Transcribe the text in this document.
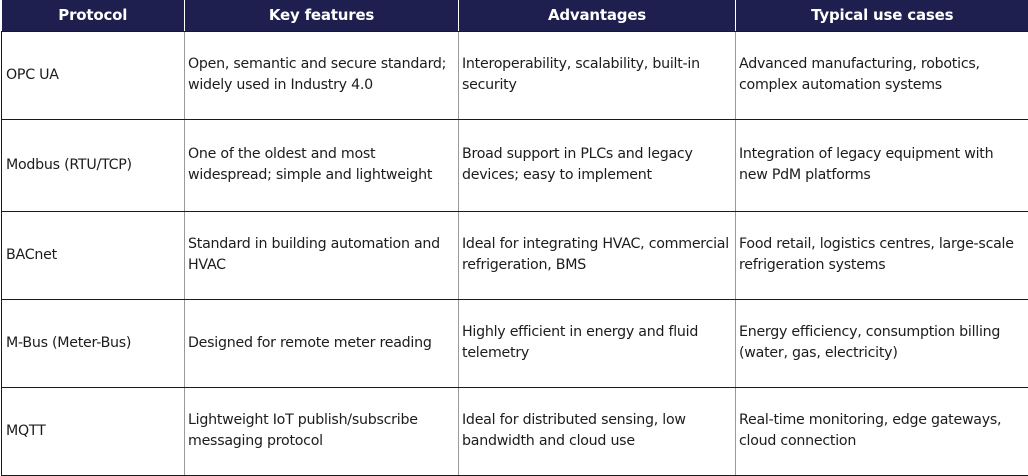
Protocol	Key features	Advantages	Typical use cases
OPC UA	Open, semantic and secure standard; widely used in Industry 4.0	Interoperability, scalability, built-in security	Advanced manufacturing, robotics, complex automation systems
Modbus (RTU/TCP)	One of the oldest and most widespread; simple and lightweight	Broad support in PLCs and legacy devices; easy to implement	Integration of legacy equipment with new PdM platforms
BACnet	Standard in building automation and HVAC	Ideal for integrating HVAC, commercial refrigeration, BMS	Food retail, logistics centres, large-scale refrigeration systems
M-Bus (Meter-Bus)	Designed for remote meter reading	Highly efficient in energy and fluid telemetry	Energy efficiency, consumption billing (water, gas, electricity)
MQTT	Lightweight IoT publish/subscribe messaging protocol	Ideal for distributed sensing, low bandwidth and cloud use	Real-time monitoring, edge gateways, cloud connection
